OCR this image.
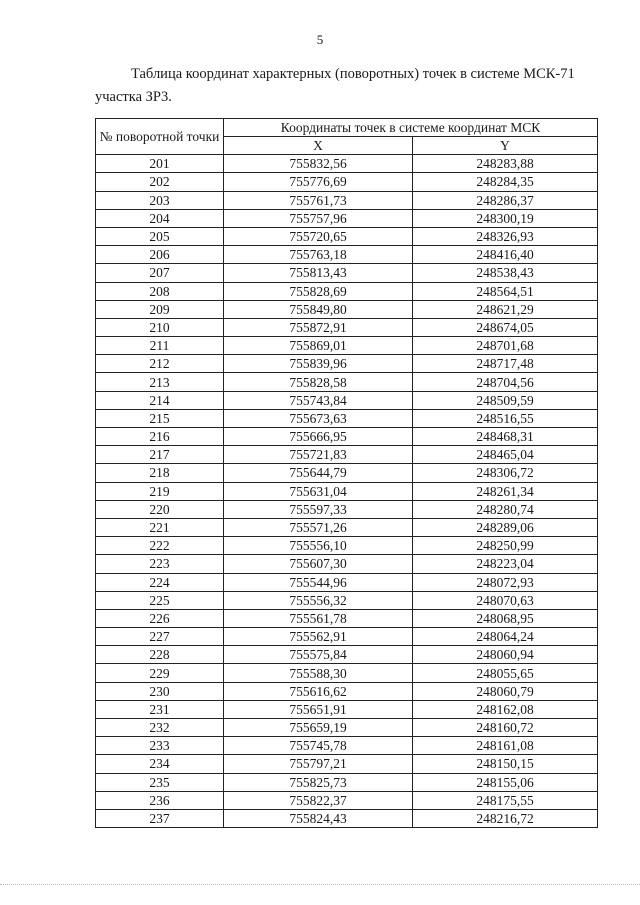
5
Таблица координат характерных (поворотных) точек в системе МСК-71
участка ЗР3.
№ поворотной точки	Координаты точек в системе координат МСК	
	X	Y
201	755832,56	248283,88
202	755776,69	248284,35
203	755761,73	248286,37
204	755757,96	248300,19
205	755720,65	248326,93
206	755763,18	248416,40
207	755813,43	248538,43
208	755828,69	248564,51
209	755849,80	248621,29
210	755872,91	248674,05
211	755869,01	248701,68
212	755839,96	248717,48
213	755828,58	248704,56
214	755743,84	248509,59
215	755673,63	248516,55
216	755666,95	248468,31
217	755721,83	248465,04
218	755644,79	248306,72
219	755631,04	248261,34
220	755597,33	248280,74
221	755571,26	248289,06
222	755556,10	248250,99
223	755607,30	248223,04
224	755544,96	248072,93
225	755556,32	248070,63
226	755561,78	248068,95
227	755562,91	248064,24
228	755575,84	248060,94
229	755588,30	248055,65
230	755616,62	248060,79
231	755651,91	248162,08
232	755659,19	248160,72
233	755745,78	248161,08
234	755797,21	248150,15
235	755825,73	248155,06
236	755822,37	248175,55
237	755824,43	248216,72
